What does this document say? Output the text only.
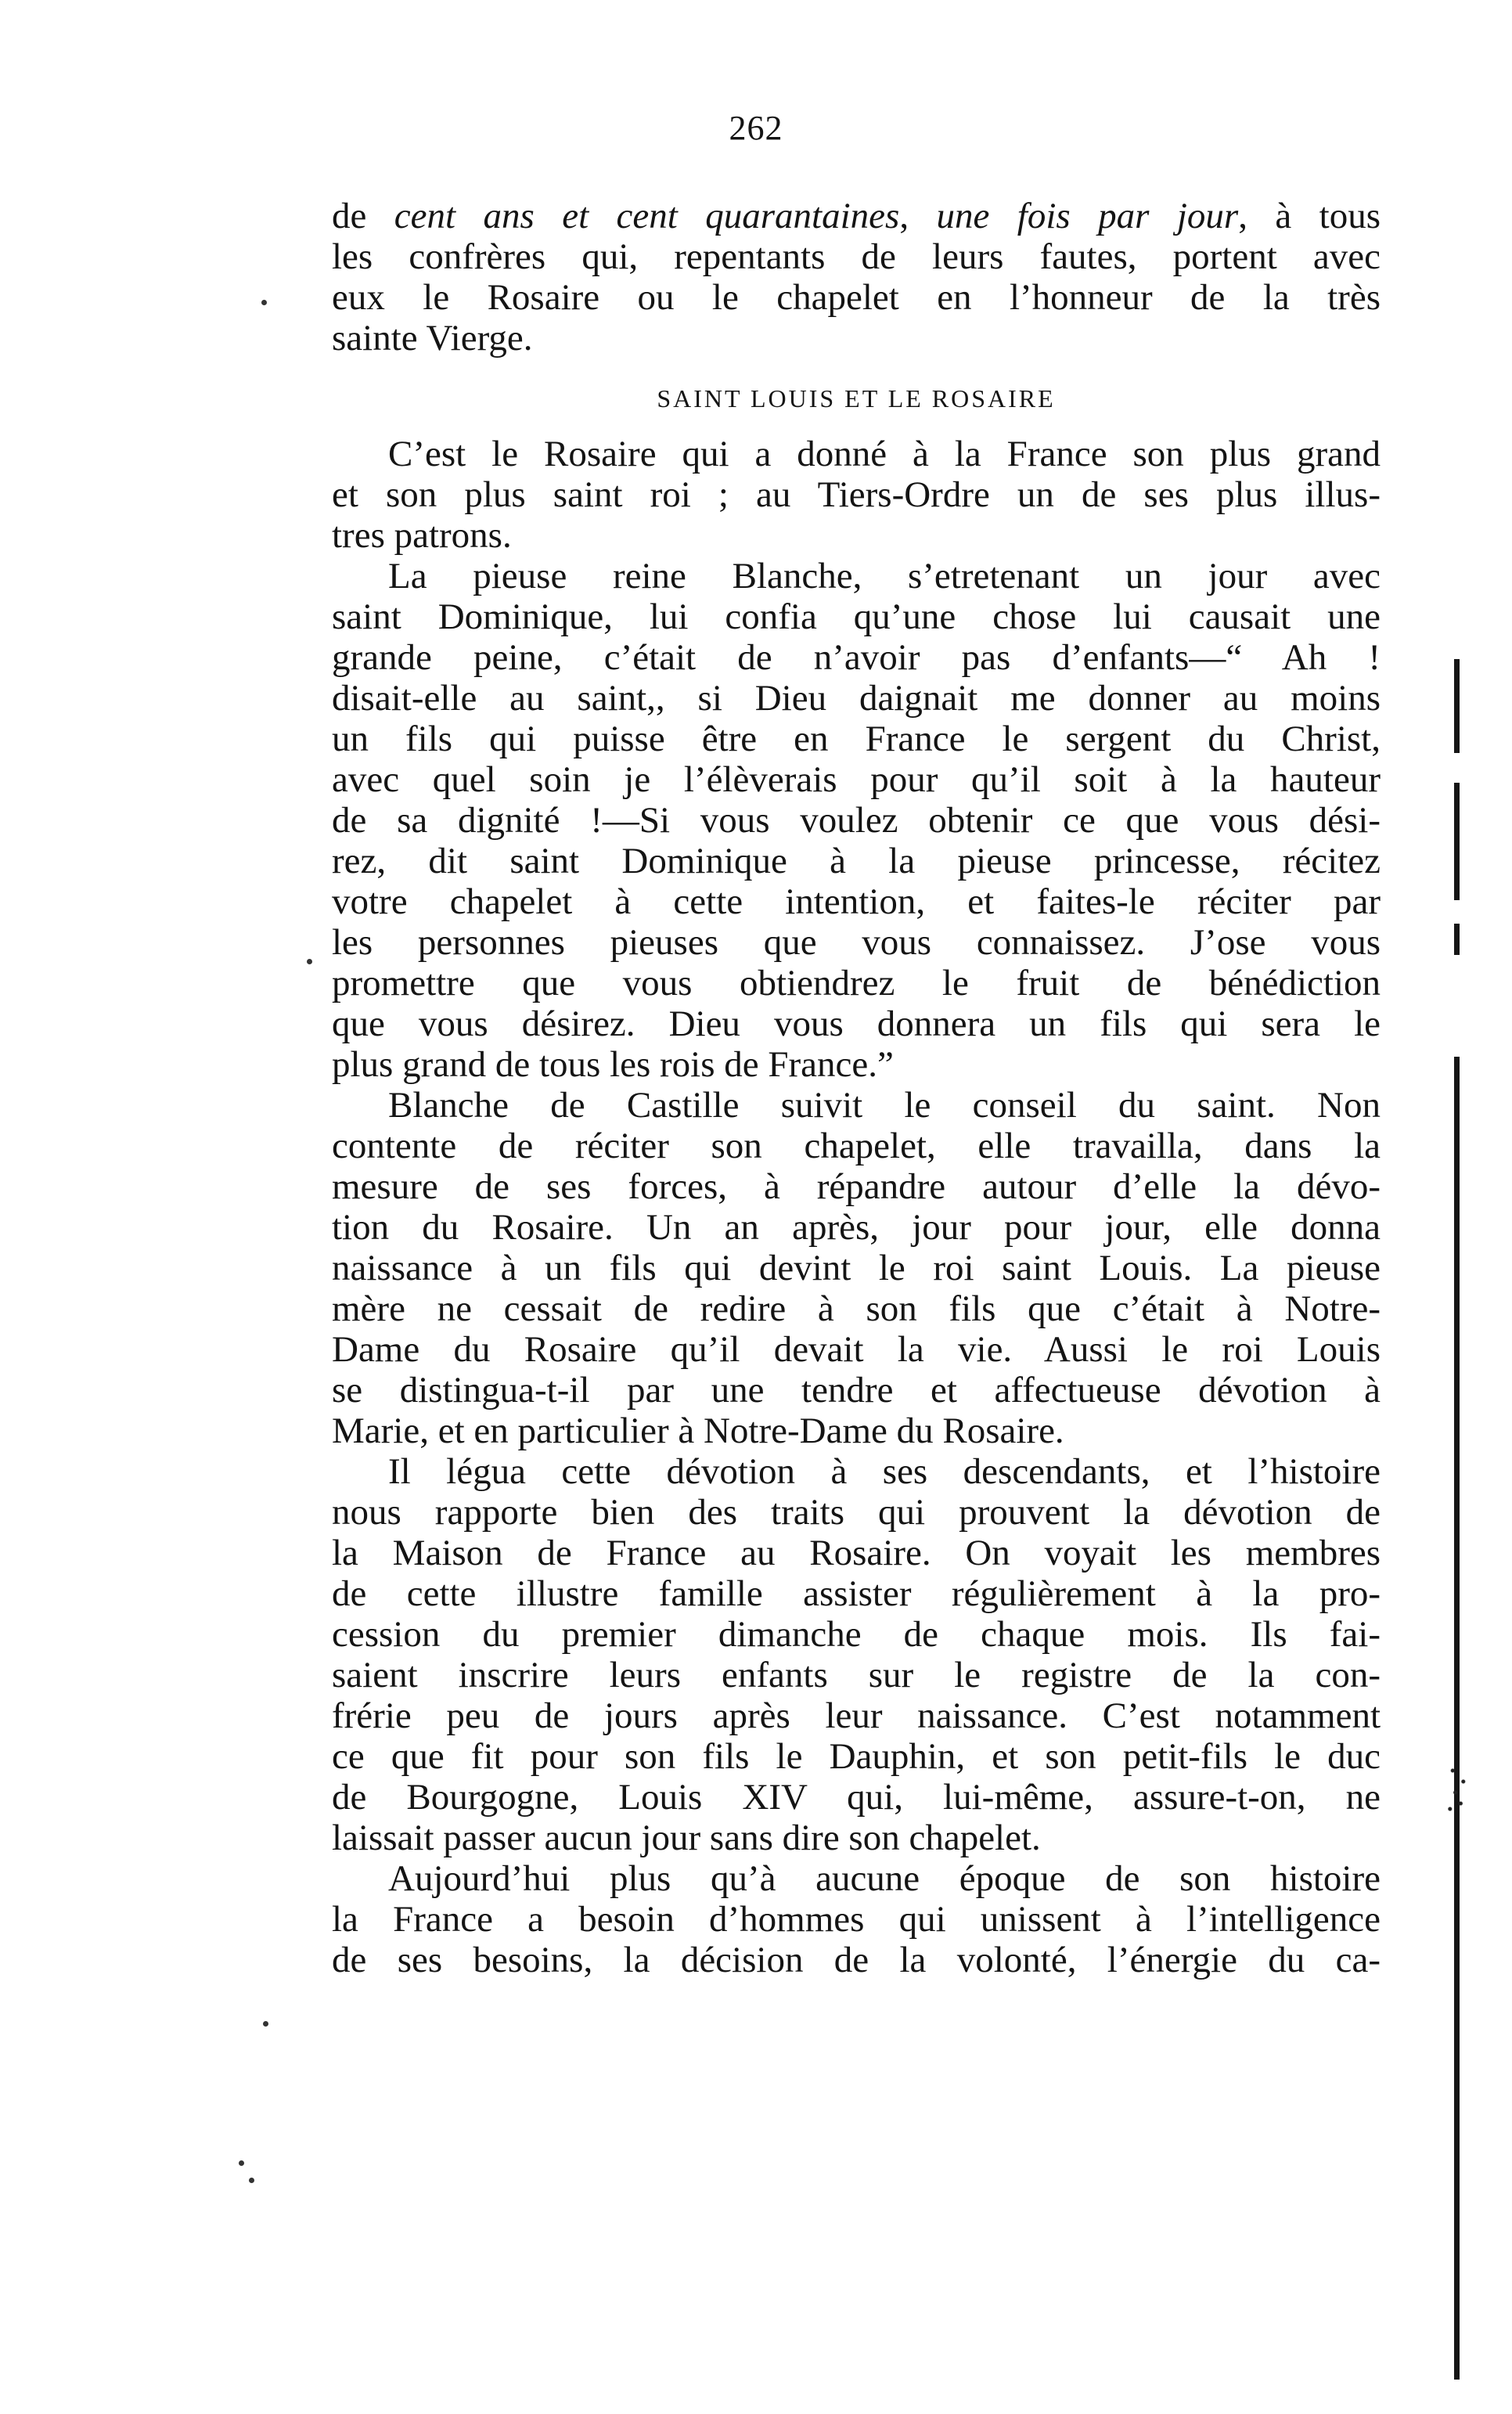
262
de cent ans et cent quarantaines, une fois par jour, à tous
les confrères qui, repentants de leurs fautes, portent avec
eux le Rosaire ou le chapelet en l’honneur de la très
sainte Vierge.
SAINT LOUIS ET LE ROSAIRE
C’est le Rosaire qui a donné à la France son plus grand
et son plus saint roi ; au Tiers-Ordre un de ses plus illus-
tres patrons.
La pieuse reine Blanche, s’etretenant un jour avec
saint Dominique, lui confia qu’une chose lui causait une
grande peine, c’était de n’avoir pas d’enfants—“ Ah !
disait-elle au saint,, si Dieu daignait me donner au moins
un fils qui puisse être en France le sergent du Christ,
avec quel soin je l’élèverais pour qu’il soit à la hauteur
de sa dignité !—Si vous voulez obtenir ce que vous dési-
rez, dit saint Dominique à la pieuse princesse, récitez
votre chapelet à cette intention, et faites-le réciter par
les personnes pieuses que vous connaissez. J’ose vous
promettre que vous obtiendrez le fruit de bénédiction
que vous désirez. Dieu vous donnera un fils qui sera le
plus grand de tous les rois de France.”
Blanche de Castille suivit le conseil du saint. Non
contente de réciter son chapelet, elle travailla, dans la
mesure de ses forces, à répandre autour d’elle la dévo-
tion du Rosaire. Un an après, jour pour jour, elle donna
naissance à un fils qui devint le roi saint Louis. La pieuse
mère ne cessait de redire à son fils que c’était à Notre-
Dame du Rosaire qu’il devait la vie. Aussi le roi Louis
se distingua-t-il par une tendre et affectueuse dévotion à
Marie, et en particulier à Notre-Dame du Rosaire.
Il légua cette dévotion à ses descendants, et l’histoire
nous rapporte bien des traits qui prouvent la dévotion de
la Maison de France au Rosaire. On voyait les membres
de cette illustre famille assister régulièrement à la pro-
cession du premier dimanche de chaque mois. Ils fai-
saient inscrire leurs enfants sur le registre de la con-
frérie peu de jours après leur naissance. C’est notamment
ce que fit pour son fils le Dauphin, et son petit-fils le duc
de Bourgogne, Louis XIV qui, lui-même, assure-t-on, ne
laissait passer aucun jour sans dire son chapelet.
Aujourd’hui plus qu’à aucune époque de son histoire
la France a besoin d’hommes qui unissent à l’intelligence
de ses besoins, la décision de la volonté, l’énergie du ca-
